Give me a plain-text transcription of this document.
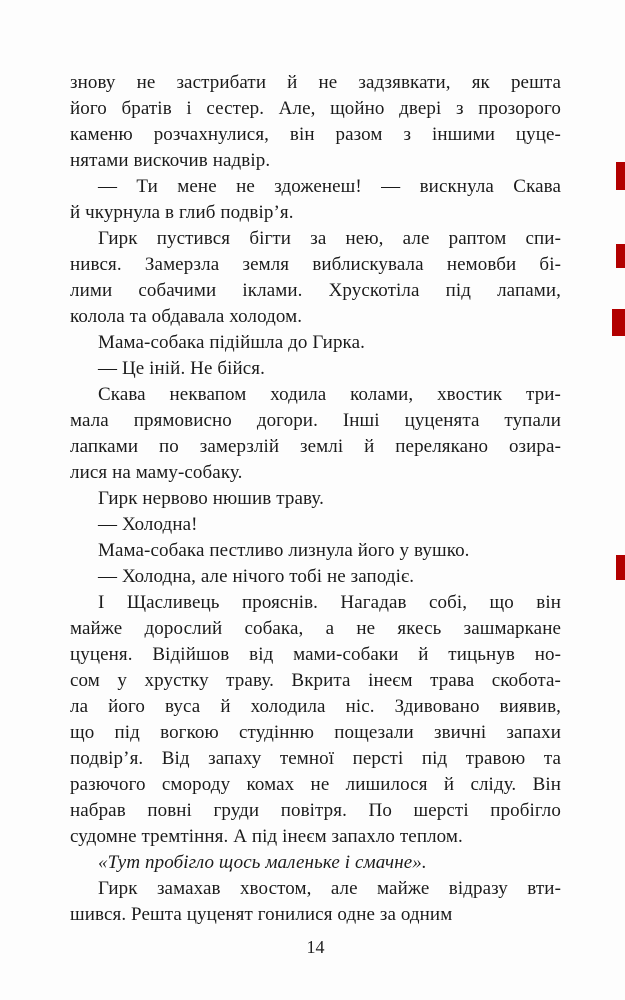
знову не застрибати й не задзявкати, як решта
його братів і сестер. Але, щойно двері з прозорого
каменю розчахнулися, він разом з іншими цуце-
нятами вискочив надвір.
— Ти мене не здоженеш! — вискнула Скава
й чкурнула в глиб подвір’я.
Гирк пустився бігти за нею, але раптом спи-
нився. Замерзла земля виблискувала немовби бі-
лими собачими іклами. Хрускотіла під лапами,
колола та обдавала холодом.
Мама-собака підійшла до Гирка.
— Це іній. Не бійся.
Скава неквапом ходила колами, хвостик три-
мала прямовисно догори. Інші цуценята тупали
лапками по замерзлій землі й перелякано озира-
лися на маму-собаку.
Гирк нервово нюшив траву.
— Холодна!
Мама-собака пестливо лизнула його у вушко.
— Холодна, але нічого тобі не заподіє.
І Щасливець прояснів. Нагадав собі, що він
майже дорослий собака, а не якесь зашмаркане
цуценя. Відійшов від мами-собаки й тицьнув но-
сом у хрустку траву. Вкрита інеєм трава скобота-
ла його вуса й холодила ніс. Здивовано виявив,
що під вогкою студінню пощезали звичні запахи
подвір’я. Від запаху темної персті під травою та
разючого смороду комах не лишилося й сліду. Він
набрав повні груди повітря. По шерсті пробігло
судомне тремтіння. А під інеєм запахло теплом.
«Тут пробігло щось маленьке і смачне».
Гирк замахав хвостом, але майже відразу вти-
шився. Решта цуценят гонилися одне за одним
14
